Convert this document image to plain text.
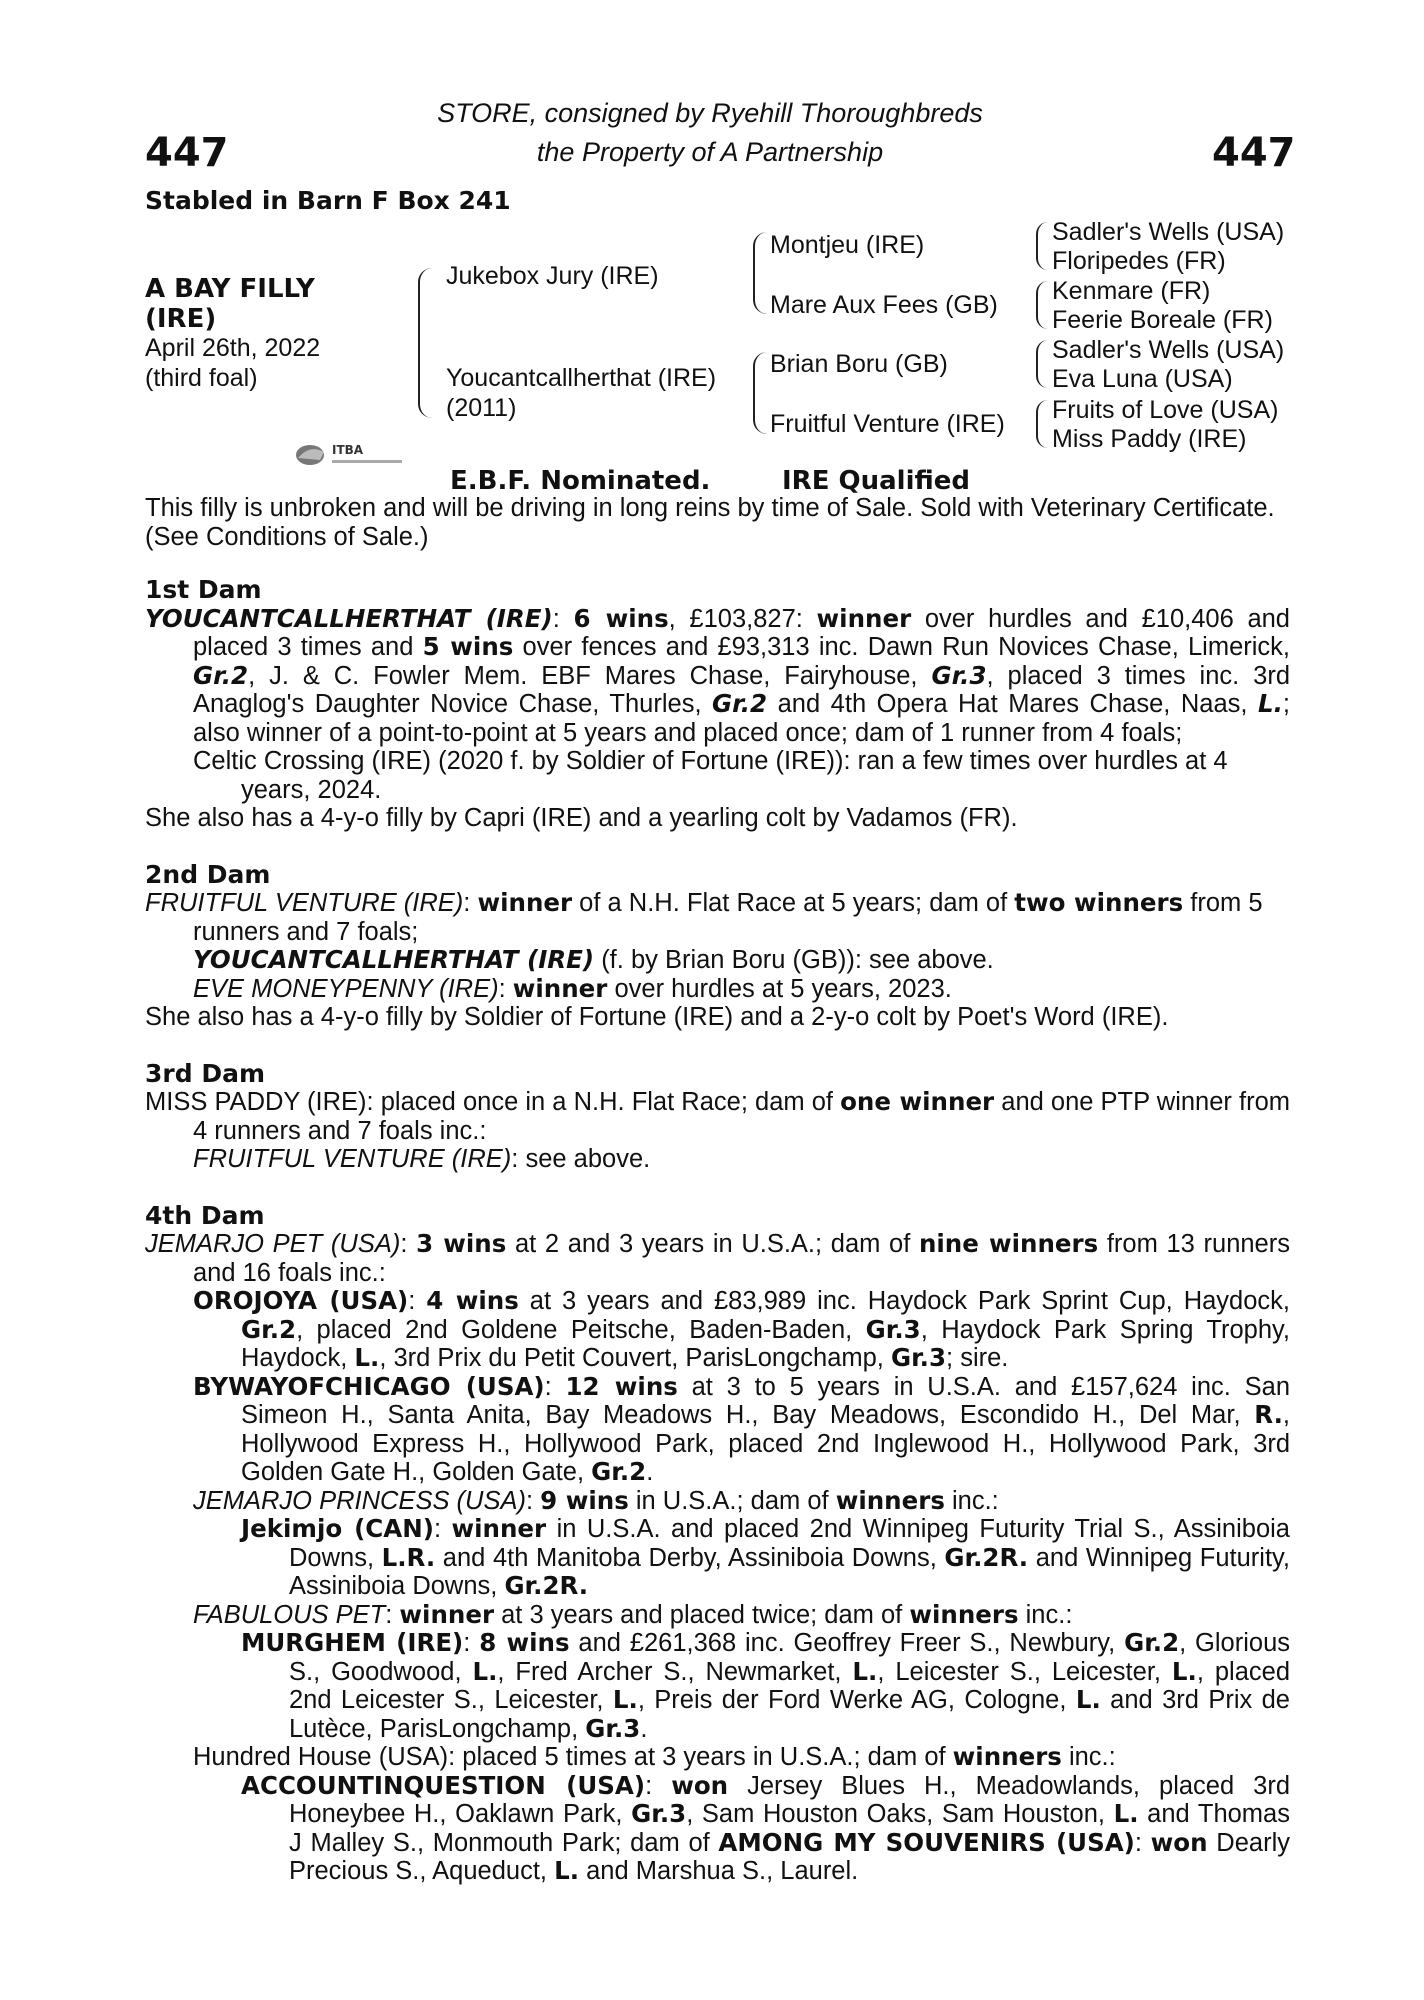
447	447
STORE, consigned by Ryehill Thoroughbreds
the Property of A Partnership
Stabled in Barn F Box 241
A BAY FILLY
(IRE)
April 26th, 2022
(third foal)
Jukebox Jury (IRE)
Youcantcallherthat (IRE)
(2011)
Montjeu (IRE)
Mare Aux Fees (GB)
Brian Boru (GB)
Fruitful Venture (IRE)
Sadler's Wells (USA)
Floripedes (FR)
Kenmare (FR)
Feerie Boreale (FR)
Sadler's Wells (USA)
Eva Luna (USA)
Fruits of Love (USA)
Miss Paddy (IRE)
ITBA
E.B.F. Nominated.	IRE Qualified
This filly is unbroken and will be driving in long reins by time of Sale. Sold with Veterinary Certificate. (See Conditions of Sale.)

1st Dam

YOUCANTCALLHERTHAT (IRE): 6 wins, £103,827: winner over hurdles and £10,406 and placed 3 times and 5 wins over fences and £93,313 inc. Dawn Run Novices Chase, Limerick, Gr.2, J. & C. Fowler Mem. EBF Mares Chase, Fairyhouse, Gr.3, placed 3 times inc. 3rd Anaglog's Daughter Novice Chase, Thurles, Gr.2 and 4th Opera Hat Mares Chase, Naas, L.; also winner of a point-to-point at 5 years and placed once; dam of 1 runner from 4 foals;

Celtic Crossing (IRE) (2020 f. by Soldier of Fortune (IRE)): ran a few times over hurdles at 4 years, 2024.

She also has a 4-y-o filly by Capri (IRE) and a yearling colt by Vadamos (FR).

2nd Dam

FRUITFUL VENTURE (IRE): winner of a N.H. Flat Race at 5 years; dam of two winners from 5 runners and 7 foals;

YOUCANTCALLHERTHAT (IRE) (f. by Brian Boru (GB)): see above.

EVE MONEYPENNY (IRE): winner over hurdles at 5 years, 2023.

She also has a 4-y-o filly by Soldier of Fortune (IRE) and a 2-y-o colt by Poet's Word (IRE).

3rd Dam

MISS PADDY (IRE): placed once in a N.H. Flat Race; dam of one winner and one PTP winner from 4 runners and 7 foals inc.:

FRUITFUL VENTURE (IRE): see above.

4th Dam

JEMARJO PET (USA): 3 wins at 2 and 3 years in U.S.A.; dam of nine winners from 13 runners and 16 foals inc.:

OROJOYA (USA): 4 wins at 3 years and £83,989 inc. Haydock Park Sprint Cup, Haydock, Gr.2, placed 2nd Goldene Peitsche, Baden-Baden, Gr.3, Haydock Park Spring Trophy, Haydock, L., 3rd Prix du Petit Couvert, ParisLongchamp, Gr.3; sire.

BYWAYOFCHICAGO (USA): 12 wins at 3 to 5 years in U.S.A. and £157,624 inc. San Simeon H., Santa Anita, Bay Meadows H., Bay Meadows, Escondido H., Del Mar, R., Hollywood Express H., Hollywood Park, placed 2nd Inglewood H., Hollywood Park, 3rd Golden Gate H., Golden Gate, Gr.2.

JEMARJO PRINCESS (USA): 9 wins in U.S.A.; dam of winners inc.:

Jekimjo (CAN): winner in U.S.A. and placed 2nd Winnipeg Futurity Trial S., Assiniboia Downs, L.R. and 4th Manitoba Derby, Assiniboia Downs, Gr.2R. and Winnipeg Futurity, Assiniboia Downs, Gr.2R.

FABULOUS PET: winner at 3 years and placed twice; dam of winners inc.:

MURGHEM (IRE): 8 wins and £261,368 inc. Geoffrey Freer S., Newbury, Gr.2, Glorious S., Goodwood, L., Fred Archer S., Newmarket, L., Leicester S., Leicester, L., placed 2nd Leicester S., Leicester, L., Preis der Ford Werke AG, Cologne, L. and 3rd Prix de Lutèce, ParisLongchamp, Gr.3.

Hundred House (USA): placed 5 times at 3 years in U.S.A.; dam of winners inc.:

ACCOUNTINQUESTION (USA): won Jersey Blues H., Meadowlands, placed 3rd Honeybee H., Oaklawn Park, Gr.3, Sam Houston Oaks, Sam Houston, L. and Thomas J Malley S., Monmouth Park; dam of AMONG MY SOUVENIRS (USA): won Dearly Precious S., Aqueduct, L. and Marshua S., Laurel.
